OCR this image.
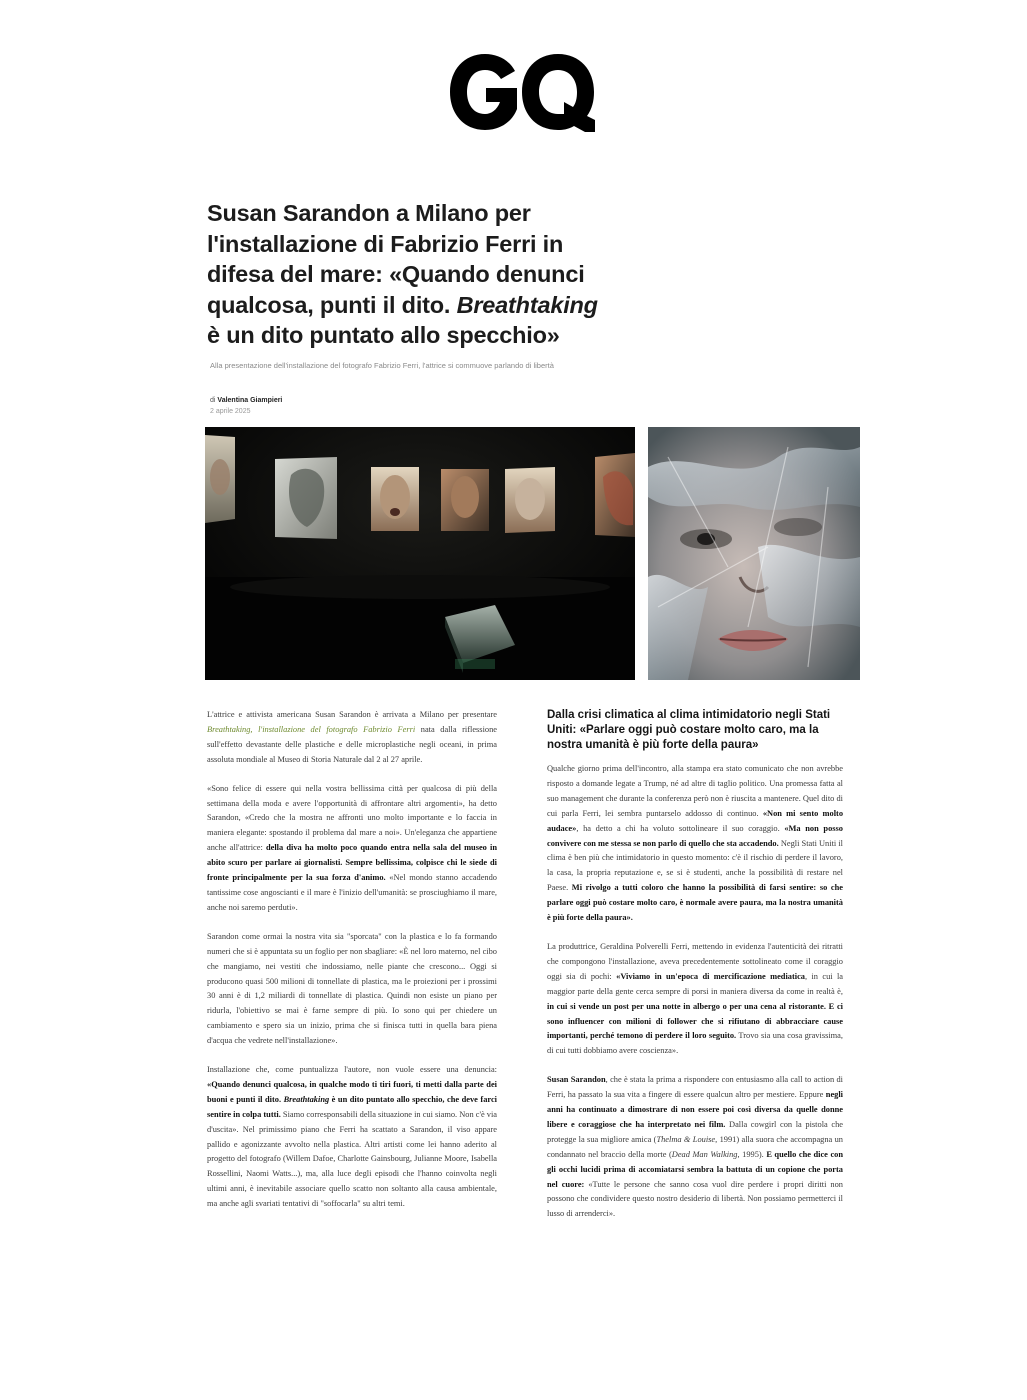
GQ
Susan Sarandon a Milano per
l'installazione di Fabrizio Ferri in
difesa del mare: «Quando denunci
qualcosa, punti il dito. Breathtaking
è un dito puntato allo specchio»
Alla presentazione dell'installazione del fotografo Fabrizio Ferri, l'attrice si commuove parlando di libertà
di Valentina Giampieri
2 aprile 2025

L'attrice e attivista americana Susan Sarandon è arrivata a Milano per presentare Breathtaking, l'installazione del fotografo Fabrizio Ferri nata dalla riflessione sull'effetto devastante delle plastiche e delle microplastiche negli oceani, in prima assoluta mondiale al Museo di Storia Naturale dal 2 al 27 aprile.

«Sono felice di essere qui nella vostra bellissima città per qualcosa di più della settimana della moda e avere l'opportunità di affrontare altri argomenti», ha detto Sarandon, «Credo che la mostra ne affronti uno molto importante e lo faccia in maniera elegante: spostando il problema dal mare a noi». Un'eleganza che appartiene anche all'attrice: della diva ha molto poco quando entra nella sala del museo in abito scuro per parlare ai giornalisti. Sempre bellissima, colpisce chi le siede di fronte principalmente per la sua forza d'animo. «Nel mondo stanno accadendo tantissime cose angoscianti e il mare è l'inizio dell'umanità: se prosciughiamo il mare, anche noi saremo perduti».

Sarandon come ormai la nostra vita sia "sporcata" con la plastica e lo fa formando numeri che si è appuntata su un foglio per non sbagliare: «È nel loro materno, nel cibo che mangiamo, nei vestiti che indossiamo, nelle piante che crescono... Oggi si producono quasi 500 milioni di tonnellate di plastica, ma le proiezioni per i prossimi 30 anni è di 1,2 miliardi di tonnellate di plastica. Quindi non esiste un piano per ridurla, l'obiettivo se mai è farne sempre di più. Io sono qui per chiedere un cambiamento e spero sia un inizio, prima che si finisca tutti in quella bara piena d'acqua che vedrete nell'installazione».

Installazione che, come puntualizza l'autore, non vuole essere una denuncia: «Quando denunci qualcosa, in qualche modo ti tiri fuori, ti metti dalla parte dei buoni e punti il dito. Breathtaking è un dito puntato allo specchio, che deve farci sentire in colpa tutti. Siamo corresponsabili della situazione in cui siamo. Non c'è via d'uscita». Nel primissimo piano che Ferri ha scattato a Sarandon, il viso appare pallido e agonizzante avvolto nella plastica. Altri artisti come lei hanno aderito al progetto del fotografo (Willem Dafoe, Charlotte Gainsbourg, Julianne Moore, Isabella Rossellini, Naomi Watts...), ma, alla luce degli episodi che l'hanno coinvolta negli ultimi anni, è inevitabile associare quello scatto non soltanto alla causa ambientale, ma anche agli svariati tentativi di "soffocarla" su altri temi.

Dalla crisi climatica al clima intimidatorio negli Stati Uniti: «Parlare oggi può costare molto caro, ma la nostra umanità è più forte della paura»

Qualche giorno prima dell'incontro, alla stampa era stato comunicato che non avrebbe risposto a domande legate a Trump, né ad altre di taglio politico. Una promessa fatta al suo management che durante la conferenza però non è riuscita a mantenere. Quel dito di cui parla Ferri, lei sembra puntarselo addosso di continuo. «Non mi sento molto audace», ha detto a chi ha voluto sottolineare il suo coraggio. «Ma non posso convivere con me stessa se non parlo di quello che sta accadendo. Negli Stati Uniti il clima è ben più che intimidatorio in questo momento: c'è il rischio di perdere il lavoro, la casa, la propria reputazione e, se si è studenti, anche la possibilità di restare nel Paese. Mi rivolgo a tutti coloro che hanno la possibilità di farsi sentire: so che parlare oggi può costare molto caro, è normale avere paura, ma la nostra umanità è più forte della paura».

La produttrice, Geraldina Polverelli Ferri, mettendo in evidenza l'autenticità dei ritratti che compongono l'installazione, aveva precedentemente sottolineato come il coraggio oggi sia di pochi: «Viviamo in un'epoca di mercificazione mediatica, in cui la maggior parte della gente cerca sempre di porsi in maniera diversa da come in realtà è, in cui si vende un post per una notte in albergo o per una cena al ristorante. E ci sono influencer con milioni di follower che si rifiutano di abbracciare cause importanti, perché temono di perdere il loro seguito. Trovo sia una cosa gravissima, di cui tutti dobbiamo avere coscienza».

Susan Sarandon, che è stata la prima a rispondere con entusiasmo alla call to action di Ferri, ha passato la sua vita a fingere di essere qualcun altro per mestiere. Eppure negli anni ha continuato a dimostrare di non essere poi così diversa da quelle donne libere e coraggiose che ha interpretato nei film. Dalla cowgirl con la pistola che protegge la sua migliore amica (Thelma & Louise, 1991) alla suora che accompagna un condannato nel braccio della morte (Dead Man Walking, 1995). E quello che dice con gli occhi lucidi prima di accomiatarsi sembra la battuta di un copione che porta nel cuore: «Tutte le persone che sanno cosa vuol dire perdere i propri diritti non possono che condividere questo nostro desiderio di libertà. Non possiamo permetterci il lusso di arrenderci».
